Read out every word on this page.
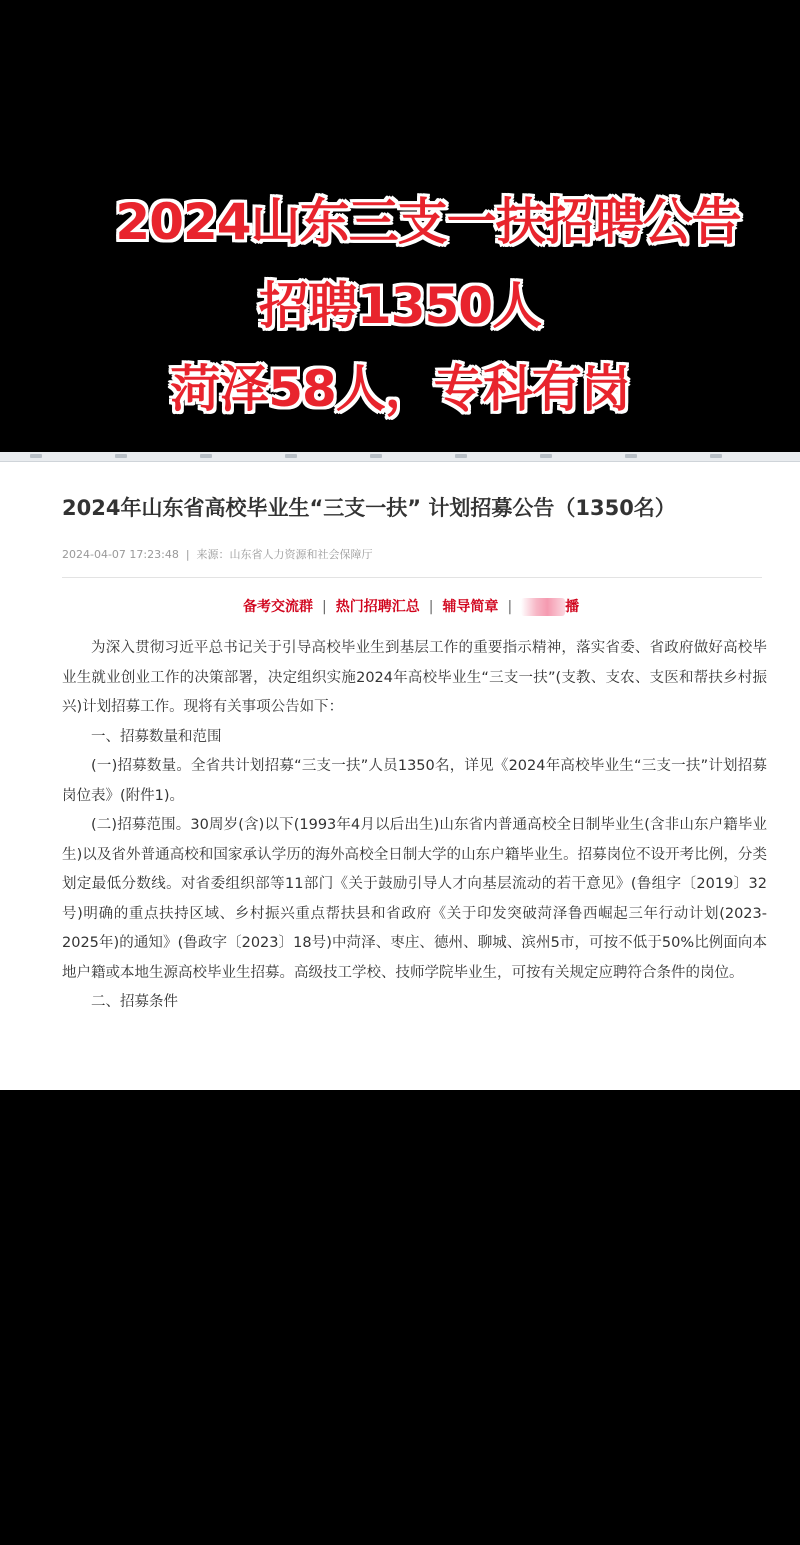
2024山东三支一扶招聘公告
招聘1350人
菏泽58人，专科有岗
2024年山东省高校毕业生“三支一扶” 计划招募公告（1350名）
2024-04-07 17:23:48 | 来源：山东省人力资源和社会保障厅
备考交流群 | 热门招聘汇总 | 辅导简章 |	播

为深入贯彻习近平总书记关于引导高校毕业生到基层工作的重要指示精神，落实省委、省政府做好高校毕业生就业创业工作的决策部署，决定组织实施2024年高校毕业生“三支一扶”(支教、支农、支医和帮扶乡村振兴)计划招募工作。现将有关事项公告如下：

一、招募数量和范围

(一)招募数量。全省共计划招募“三支一扶”人员1350名，详见《2024年高校毕业生“三支一扶”计划招募岗位表》(附件1)。

(二)招募范围。30周岁(含)以下(1993年4月以后出生)山东省内普通高校全日制毕业生(含非山东户籍毕业生)以及省外普通高校和国家承认学历的海外高校全日制大学的山东户籍毕业生。招募岗位不设开考比例，分类划定最低分数线。对省委组织部等11部门《关于鼓励引导人才向基层流动的若干意见》(鲁组字〔2019〕32号)明确的重点扶持区域、乡村振兴重点帮扶县和省政府《关于印发突破菏泽鲁西崛起三年行动计划(2023-2025年)的通知》(鲁政字〔2023〕18号)中菏泽、枣庄、德州、聊城、滨州5市，可按不低于50%比例面向本地户籍或本地生源高校毕业生招募。高级技工学校、技师学院毕业生，可按有关规定应聘符合条件的岗位。

二、招募条件
